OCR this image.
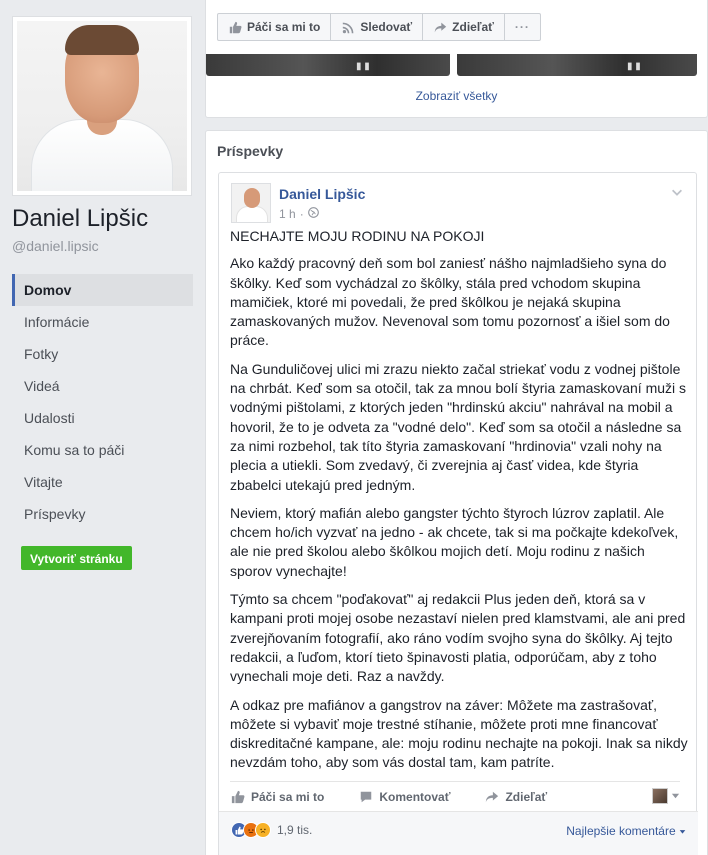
Daniel Lipšic
@daniel.lipsic
Domov
Informácie
Fotky
Videá
Udalosti
Komu sa to páči
Vitajte
Príspevky
Vytvoriť stránku
Páči sa mi to	Sledovať	Zdieľať ···
▮ ▮	▮ ▮
Zobraziť všetky
Príspevky
Daniel Lipšic
1 h ·

NECHAJTE MOJU RODINU NA POKOJI

Ako každý pracovný deň som bol zaniesť nášho najmladšieho syna do škôlky. Keď som vychádzal zo škôlky, stála pred vchodom skupina mamičiek, ktoré mi povedali, že pred škôlkou je nejaká skupina zamaskovaných mužov. Nevenoval som tomu pozornosť a išiel som do práce.

Na Gunduličovej ulici mi zrazu niekto začal striekať vodu z vodnej pištole na chrbát. Keď som sa otočil, tak za mnou bolí štyria zamaskovaní muži s vodnými pištolami, z ktorých jeden "hrdinskú akciu" nahrával na mobil a hovoril, že to je odveta za "vodné delo". Keď som sa otočil a následne sa za nimi rozbehol, tak títo štyria zamaskovaní "hrdinovia" vzali nohy na plecia a utiekli. Som zvedavý, či zverejnia aj časť videa, kde štyria zbabelci utekajú pred jedným.

Neviem, ktorý mafián alebo gangster týchto štyroch lúzrov zaplatil. Ale chcem ho/ich vyzvať na jedno - ak chcete, tak si ma počkajte kdekoľvek, ale nie pred školou alebo škôlkou mojich detí. Moju rodinu z našich sporov vynechajte!

Týmto sa chcem "poďakovať" aj redakcii Plus jeden deň, ktorá sa v kampani proti mojej osobe nezastaví nielen pred klamstvami, ale ani pred zverejňovaním fotografií, ako ráno vodím svojho syna do škôlky. Aj tejto redakcii, a ľuďom, ktorí tieto špinavosti platia, odporúčam, aby z toho vynechali moje deti. Raz a navždy.

A odkaz pre mafiánov a gangstrov na záver: Môžete ma zastrašovať, môžete si vybaviť moje trestné stíhanie, môžete proti mne financovať diskreditačné kampane, ale: moju rodinu nechajte na pokoji. Inak sa nikdy nevzdám toho, aby som vás dostal tam, kam patríte.

Páči sa mi to	Komentovať	Zdieľať
1,9 tis.	Najlepšie komentáre
